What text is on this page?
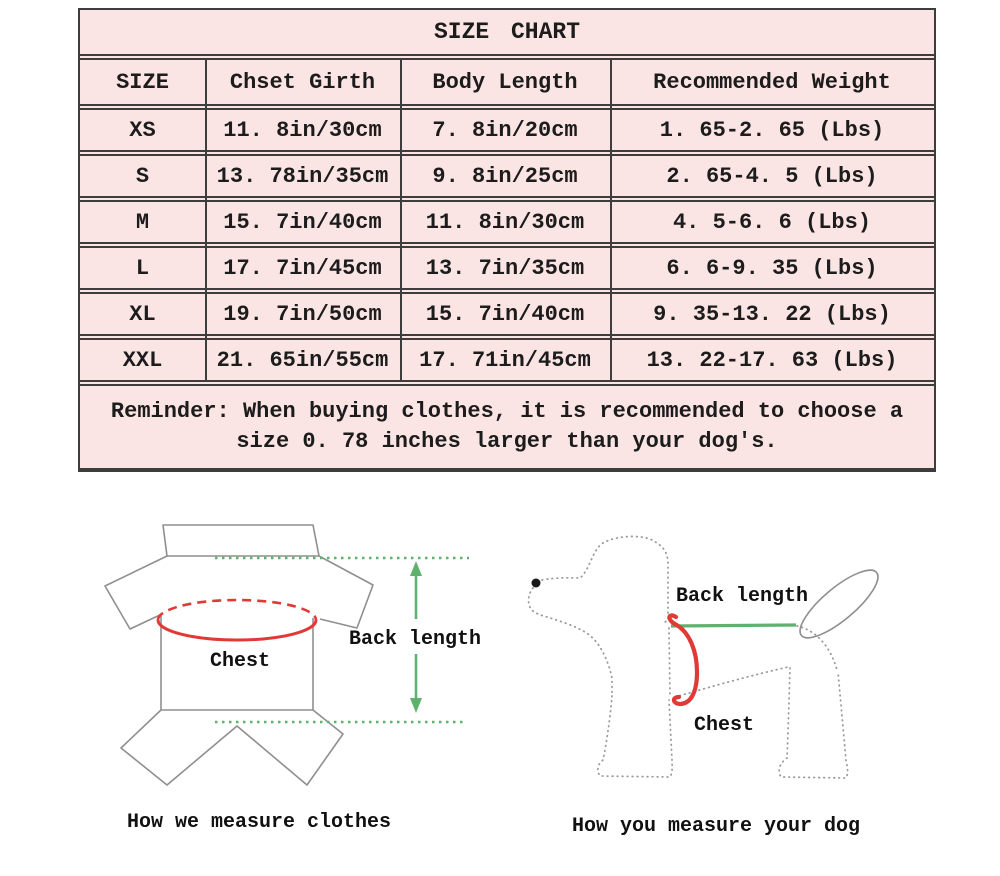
SIZE CHART
SIZE	Chset Girth	Body Length	Recommended Weight
XS	11. 8in/30cm	7. 8in/20cm	1. 65-2. 65 (Lbs)
S	13. 78in/35cm	9. 8in/25cm	2. 65-4. 5 (Lbs)
M	15. 7in/40cm	11. 8in/30cm	4. 5-6. 6 (Lbs)
L	17. 7in/45cm	13. 7in/35cm	6. 6-9. 35 (Lbs)
XL	19. 7in/50cm	15. 7in/40cm	9. 35-13. 22 (Lbs)
XXL	21. 65in/55cm	17. 71in/45cm	13. 22-17. 63 (Lbs)
Reminder: When buying clothes, it is recommended to choose a
size 0. 78 inches larger than your dog's.
Chest
Back length
Back length
Chest
How we measure clothes	How you measure your dog
